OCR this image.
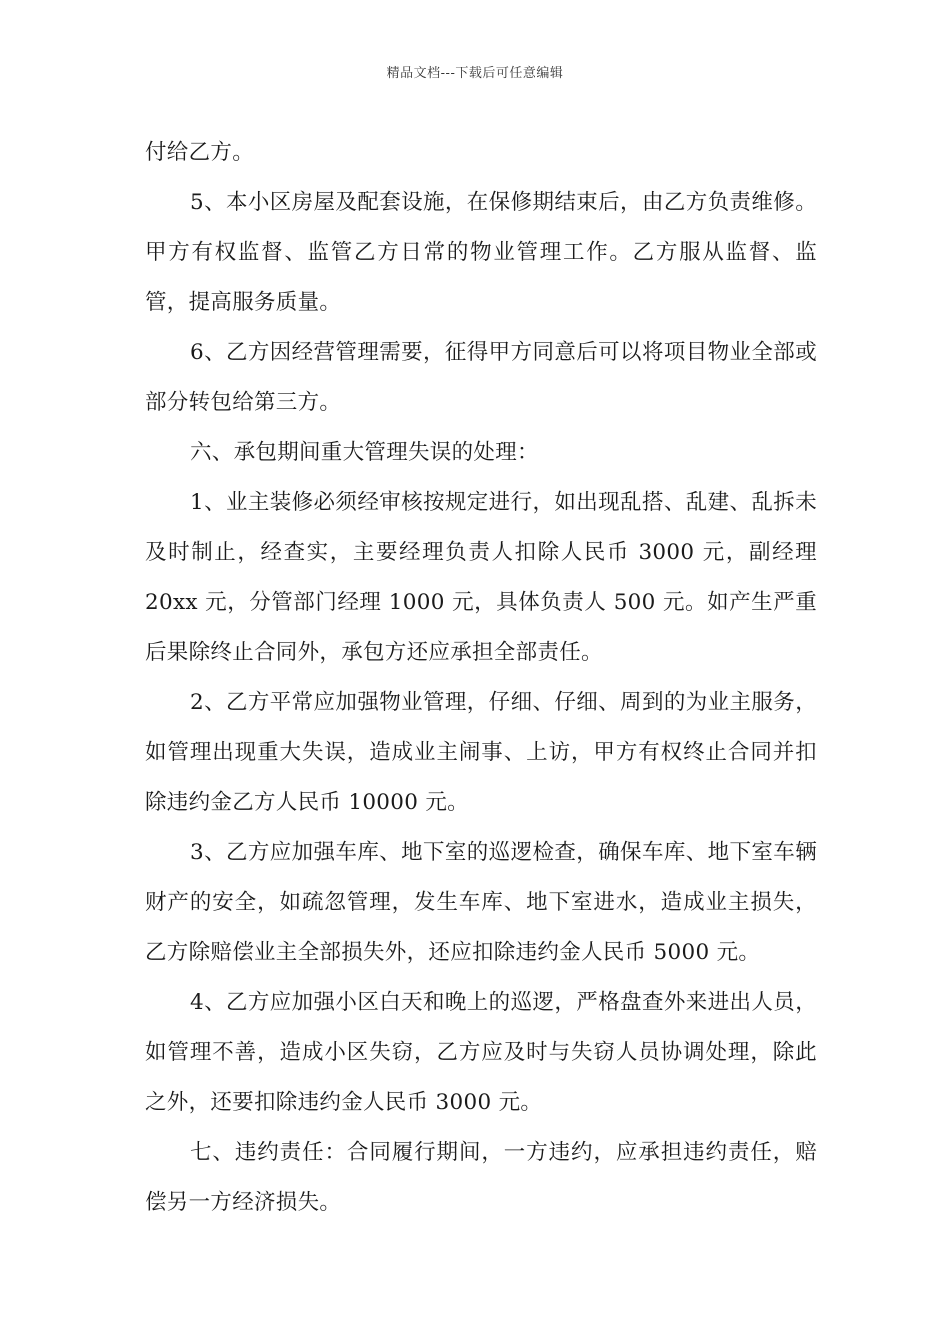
精品文档---下载后可任意编辑

付给乙方。

5、本小区房屋及配套设施，在保修期结束后，由乙方负责维修。甲方有权监督、监管乙方日常的物业管理工作。乙方服从监督、监管，提高服务质量。

6、乙方因经营管理需要，征得甲方同意后可以将项目物业全部或部分转包给第三方。

六、承包期间重大管理失误的处理：

1、业主装修必须经审核按规定进行，如出现乱搭、乱建、乱拆未及时制止，经查实，主要经理负责人扣除人民币 3000 元，副经理 20xx 元，分管部门经理 1000 元，具体负责人 500 元。如产生严重后果除终止合同外，承包方还应承担全部责任。

2、乙方平常应加强物业管理，仔细、仔细、周到的为业主服务，如管理出现重大失误，造成业主闹事、上访，甲方有权终止合同并扣除违约金乙方人民币 10000 元。

3、乙方应加强车库、地下室的巡逻检查，确保车库、地下室车辆财产的安全，如疏忽管理，发生车库、地下室进水，造成业主损失，乙方除赔偿业主全部损失外，还应扣除违约金人民币 5000 元。

4、乙方应加强小区白天和晚上的巡逻，严格盘查外来进出人员，如管理不善，造成小区失窃，乙方应及时与失窃人员协调处理，除此之外，还要扣除违约金人民币 3000 元。

七、违约责任：合同履行期间，一方违约，应承担违约责任，赔偿另一方经济损失。
